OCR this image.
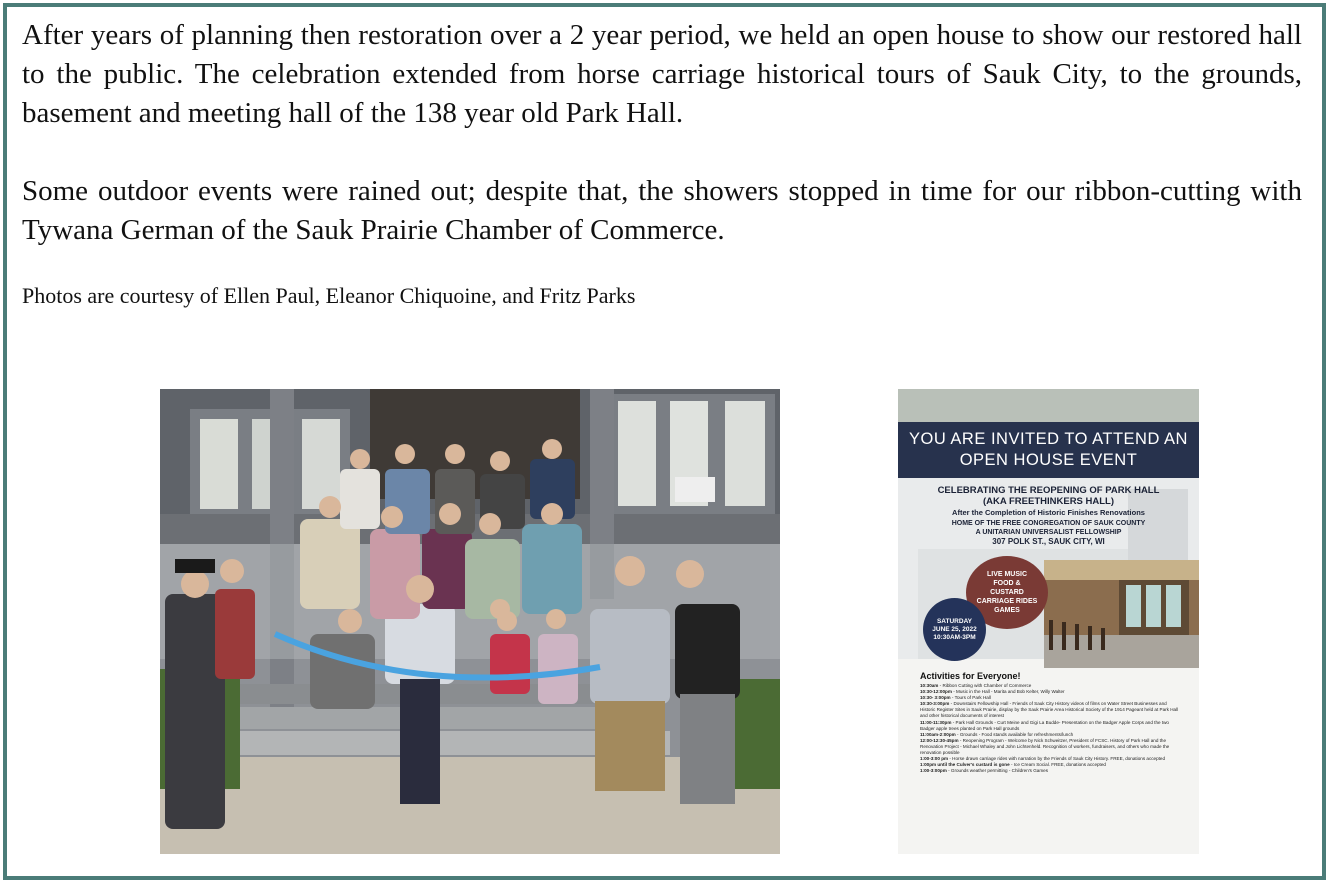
After years of planning then restoration over a 2 year period, we held an open house to show our restored hall to the public. The celebration extended from horse carriage historical tours of Sauk City, to the grounds, basement and meeting hall of the 138 year old Park Hall.

Some outdoor events were rained out; despite that, the showers stopped in time for our ribbon-cutting with Tywana German of the Sauk Prairie Chamber of Commerce.

Photos are courtesy of Ellen Paul, Eleanor Chiquoine, and Fritz Parks

YOU ARE INVITED TO ATTEND AN
OPEN HOUSE EVENT
CELEBRATING THE REOPENING OF PARK HALL
(AKA FREETHINKERS HALL)

After the Completion of Historic Finishes Renovations

HOME OF THE FREE CONGREGATION OF SAUK COUNTY
A UNITARIAN UNIVERSALIST FELLOWSHIP

307 POLK ST., SAUK CITY, WI

LIVE MUSIC
FOOD &
CUSTARD
CARRIAGE RIDES
GAMES
SATURDAY
JUNE 25, 2022
10:30AM-3PM

Activities for Everyone!

10:30am - Ribbon Cutting with Chamber of Commerce
10:30-12:00pm - Music in the Hall - Marita and Bob Kelter, Willy Walter
10:30- 3:00pm - Tours of Park Hall
10:30-3:00pm - Downstairs Fellowship Hall - Friends of Sauk City History videos of films on Water Street Businesses and Historic Register Sites in Sauk Prairie, display by the Sauk Prairie Area Historical Society of the 1914 Pageant held at Park Hall and other historical documents of interest
11:00-11:30pm - Park Hall Grounds - Curt Meine and Gigi La Budde- Presentation on the Badger Apple Corps and the two Badger apple trees planted on Park Hall grounds
11:00am-2:00pm - Grounds - Food stands available for refreshments/lunch
12:00-12:30-45pm - Reopening Program - Welcome by Nick Schweitzer, President of FCSC. History of Park Hall and the Renovation Project - Michael Whaley and John Lichtenheld. Recognition of workers, fundraisers, and others who made the renovation possible
1:00-3:00 pm - Horse drawn carriage rides with narration by the Friends of Sauk City History. FREE, donations accepted
1:00pm until the Culver's custard is gone - Ice Cream Social. FREE, donations accepted
1:00-3:00pm - Grounds weather permitting - Children's Games
